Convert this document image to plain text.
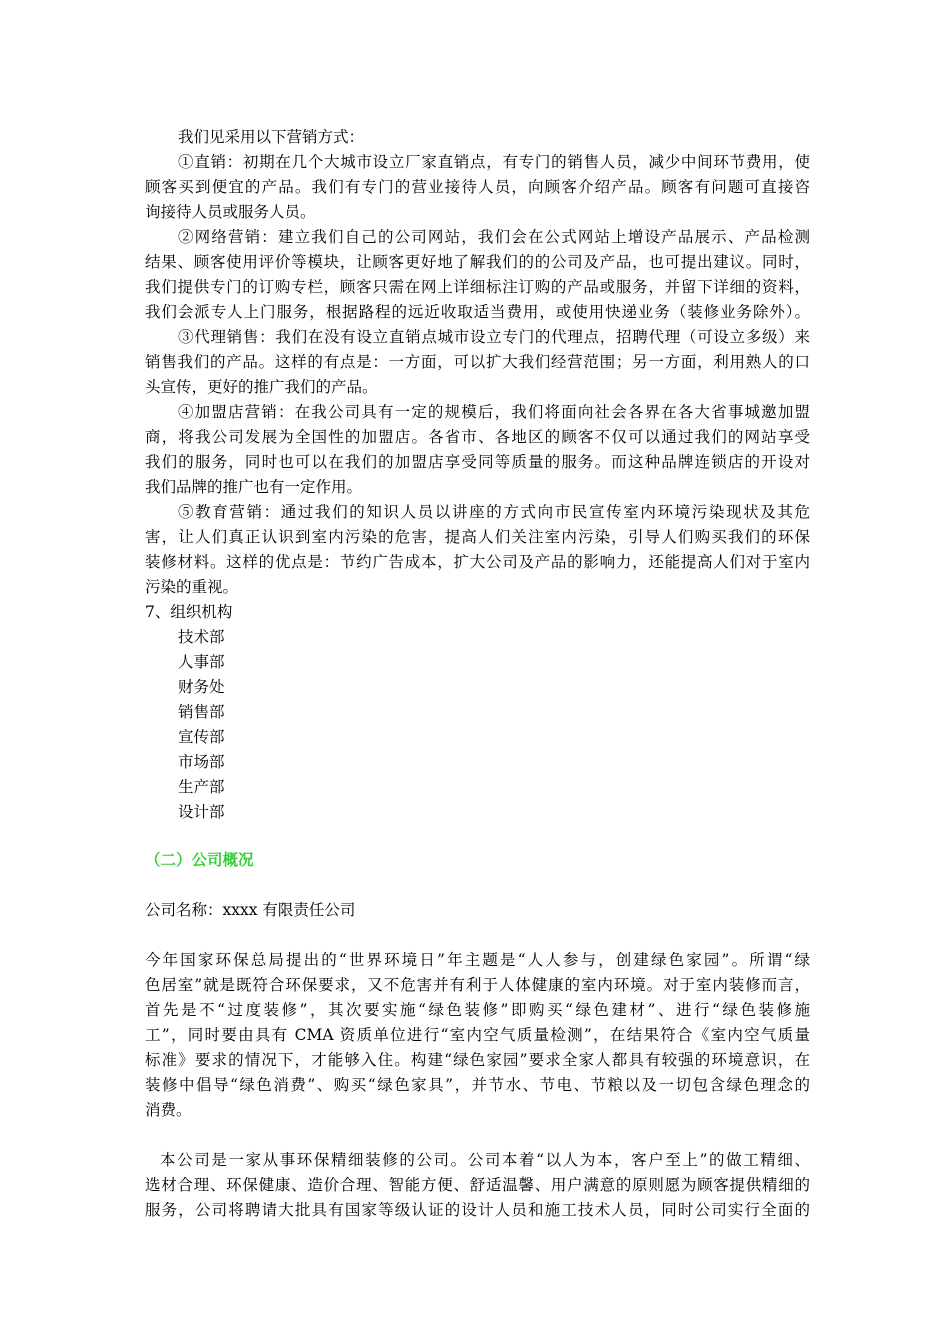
我们见采用以下营销方式：
①直销：初期在几个大城市设立厂家直销点，有专门的销售人员，减少中间环节费用，使
顾客买到便宜的产品。我们有专门的营业接待人员，向顾客介绍产品。顾客有问题可直接咨
询接待人员或服务人员。
②网络营销：建立我们自己的公司网站，我们会在公式网站上增设产品展示、产品检测
结果、顾客使用评价等模块，让顾客更好地了解我们的的公司及产品，也可提出建议。同时，
我们提供专门的订购专栏，顾客只需在网上详细标注订购的产品或服务，并留下详细的资料，
我们会派专人上门服务，根据路程的远近收取适当费用，或使用快递业务（装修业务除外）。
③代理销售：我们在没有设立直销点城市设立专门的代理点，招聘代理（可设立多级）来
销售我们的产品。这样的有点是：一方面，可以扩大我们经营范围；另一方面，利用熟人的口
头宣传，更好的推广我们的产品。
④加盟店营销：在我公司具有一定的规模后，我们将面向社会各界在各大省事城邀加盟
商，将我公司发展为全国性的加盟店。各省市、各地区的顾客不仅可以通过我们的网站享受
我们的服务，同时也可以在我们的加盟店享受同等质量的服务。而这种品牌连锁店的开设对
我们品牌的推广也有一定作用。
⑤教育营销：通过我们的知识人员以讲座的方式向市民宣传室内环境污染现状及其危
害，让人们真正认识到室内污染的危害，提高人们关注室内污染，引导人们购买我们的环保
装修材料。这样的优点是：节约广告成本，扩大公司及产品的影响力，还能提高人们对于室内
污染的重视。
7、组织机构
技术部
人事部
财务处
销售部
宣传部
市场部
生产部
设计部
（二）公司概况
公司名称：xxxx 有限责任公司
今年国家环保总局提出的“世界环境日”年主题是“人人参与，创建绿色家园”。所谓“绿
色居室”就是既符合环保要求，又不危害并有利于人体健康的室内环境。对于室内装修而言，
首先是不“过度装修”，其次要实施“绿色装修”即购买“绿色建材”、进行“绿色装修施
工”，同时要由具有 CMA 资质单位进行“室内空气质量检测”，在结果符合《室内空气质量
标准》要求的情况下，才能够入住。构建“绿色家园”要求全家人都具有较强的环境意识，在
装修中倡导“绿色消费”、购买“绿色家具”，并节水、节电、节粮以及一切包含绿色理念的
消费。
本公司是一家从事环保精细装修的公司。公司本着“以人为本，客户至上”的做工精细、
选材合理、环保健康、造价合理、智能方便、舒适温馨、用户满意的原则愿为顾客提供精细的
服务，公司将聘请大批具有国家等级认证的设计人员和施工技术人员，同时公司实行全面的
